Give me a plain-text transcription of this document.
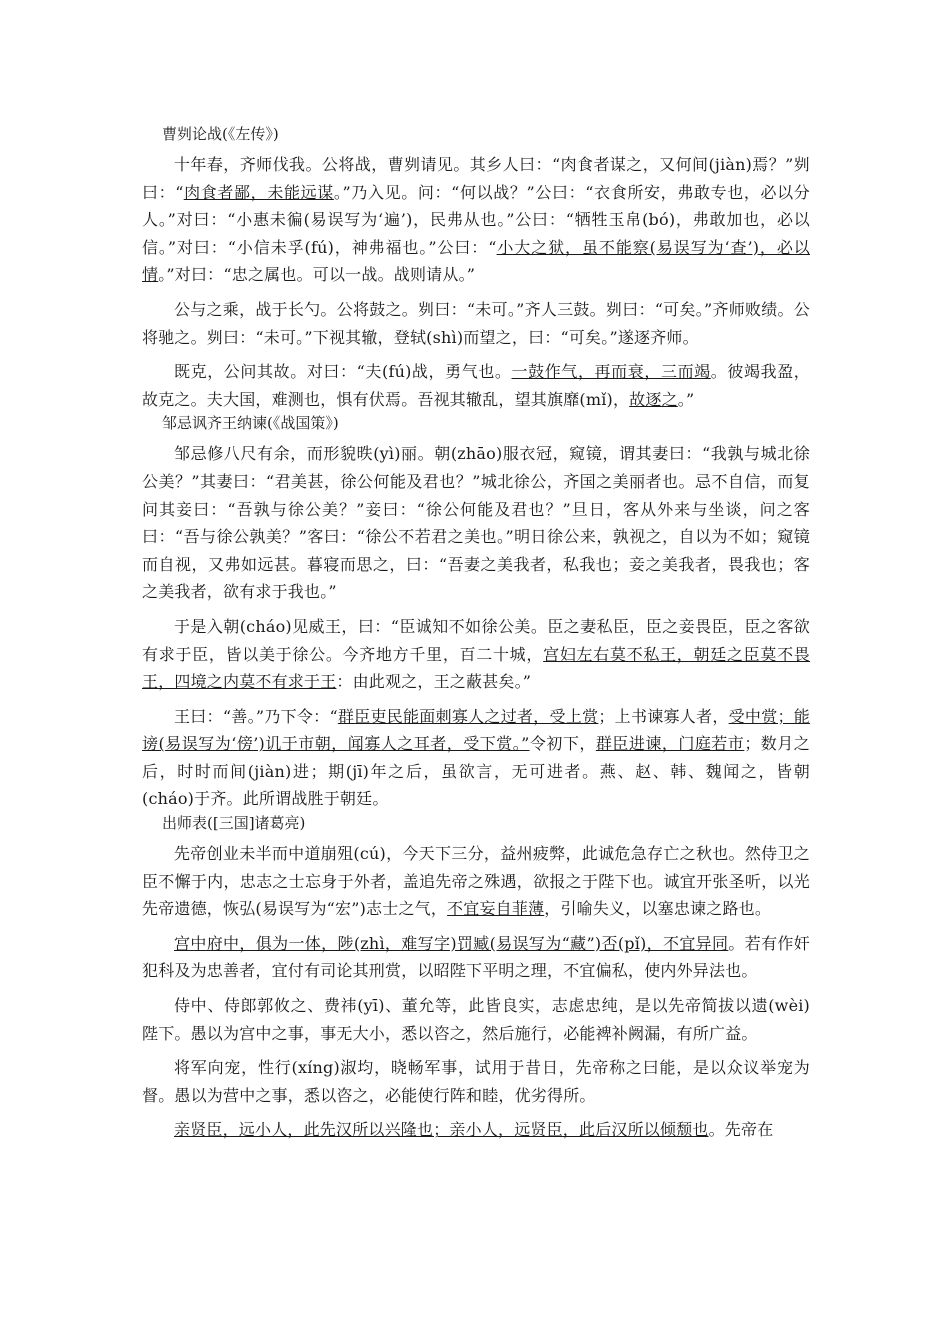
曹刿论战(《左传》)

十年春，齐师伐我。公将战，曹刿请见。其乡人曰：“肉食者谋之，又何间(jiàn)焉？”刿曰：“肉食者鄙，未能远谋。”乃入见。问：“何以战？”公曰：“衣食所安，弗敢专也，必以分人。”对曰：“小惠未徧(易误写为‘遍’)，民弗从也。”公曰：“牺牲玉帛(bó)，弗敢加也，必以信。”对曰：“小信未孚(fú)，神弗福也。”公曰：“小大之狱，虽不能察(易误写为‘查’)，必以情。”对曰：“忠之属也。可以一战。战则请从。”

公与之乘，战于长勺。公将鼓之。刿曰：“未可。”齐人三鼓。刿曰：“可矣。”齐师败绩。公将驰之。刿曰：“未可。”下视其辙，登轼(shì)而望之，曰：“可矣。”遂逐齐师。

既克，公问其故。对曰：“夫(fú)战，勇气也。一鼓作气，再而衰，三而竭。彼竭我盈，故克之。夫大国，难测也，惧有伏焉。吾视其辙乱，望其旗靡(mǐ)，故逐之。”

邹忌讽齐王纳谏(《战国策》)

邹忌修八尺有余，而形貌昳(yì)丽。朝(zhāo)服衣冠，窥镜，谓其妻曰：“我孰与城北徐公美？”其妻曰：“君美甚，徐公何能及君也？”城北徐公，齐国之美丽者也。忌不自信，而复问其妾曰：“吾孰与徐公美？”妾曰：“徐公何能及君也？”旦日，客从外来与坐谈，问之客曰：“吾与徐公孰美？”客曰：“徐公不若君之美也。”明日徐公来，孰视之，自以为不如；窥镜而自视，又弗如远甚。暮寝而思之，曰：“吾妻之美我者，私我也；妾之美我者，畏我也；客之美我者，欲有求于我也。”

于是入朝(cháo)见威王，曰：“臣诚知不如徐公美。臣之妻私臣，臣之妾畏臣，臣之客欲有求于臣，皆以美于徐公。今齐地方千里，百二十城，宫妇左右莫不私王，朝廷之臣莫不畏王，四境之内莫不有求于王：由此观之，王之蔽甚矣。”

王曰：“善。”乃下令：“群臣吏民能面刺寡人之过者，受上赏；上书谏寡人者，受中赏；能谤(易误写为‘傍’)讥于市朝，闻寡人之耳者，受下赏。”令初下，群臣进谏，门庭若市；数月之后，时时而间(jiàn)进；期(jī)年之后，虽欲言，无可进者。燕、赵、韩、魏闻之，皆朝(cháo)于齐。此所谓战胜于朝廷。

出师表([三国]诸葛亮)

先帝创业未半而中道崩殂(cú)，今天下三分，益州疲弊，此诚危急存亡之秋也。然侍卫之臣不懈于内，忠志之士忘身于外者，盖追先帝之殊遇，欲报之于陛下也。诚宜开张圣听，以光先帝遗德，恢弘(易误写为“宏”)志士之气，不宜妄自菲薄，引喻失义，以塞忠谏之路也。

宫中府中，俱为一体，陟(zhì，难写字)罚臧(易误写为“藏”)否(pǐ)，不宜异同。若有作奸犯科及为忠善者，宜付有司论其刑赏，以昭陛下平明之理，不宜偏私，使内外异法也。

侍中、侍郎郭攸之、费祎(yī)、董允等，此皆良实，志虑忠纯，是以先帝简拔以遗(wèi)陛下。愚以为宫中之事，事无大小，悉以咨之，然后施行，必能裨补阙漏，有所广益。

将军向宠，性行(xíng)淑均，晓畅军事，试用于昔日，先帝称之曰能，是以众议举宠为督。愚以为营中之事，悉以咨之，必能使行阵和睦，优劣得所。

亲贤臣，远小人，此先汉所以兴隆也；亲小人，远贤臣，此后汉所以倾颓也。先帝在
